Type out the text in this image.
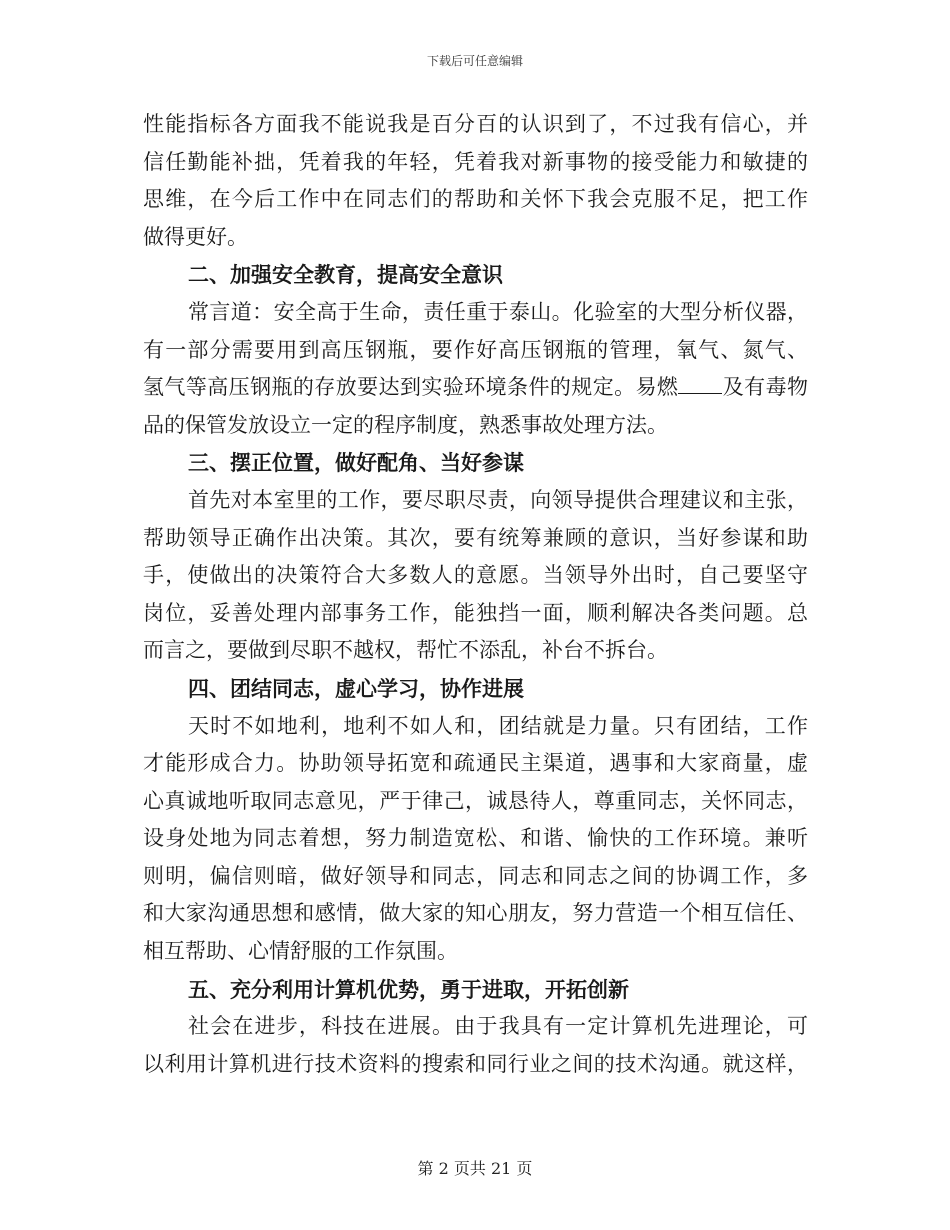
下载后可任意编辑
性能指标各方面我不能说我是百分百的认识到了，不过我有信心，并
信任勤能补拙，凭着我的年轻，凭着我对新事物的接受能力和敏捷的
思维，在今后工作中在同志们的帮助和关怀下我会克服不足，把工作
做得更好。
二、加强安全教育，提高安全意识
常言道：安全高于生命，责任重于泰山。化验室的大型分析仪器，
有一部分需要用到高压钢瓶，要作好高压钢瓶的管理，氧气、氮气、
氢气等高压钢瓶的存放要达到实验环境条件的规定。易燃 及有毒物
品的保管发放设立一定的程序制度，熟悉事故处理方法。
三、摆正位置，做好配角、当好参谋
首先对本室里的工作，要尽职尽责，向领导提供合理建议和主张，
帮助领导正确作出决策。其次，要有统筹兼顾的意识，当好参谋和助
手，使做出的决策符合大多数人的意愿。当领导外出时，自己要坚守
岗位，妥善处理内部事务工作，能独挡一面，顺利解决各类问题。总
而言之，要做到尽职不越权，帮忙不添乱，补台不拆台。
四、团结同志，虚心学习，协作进展
天时不如地利，地利不如人和，团结就是力量。只有团结，工作
才能形成合力。协助领导拓宽和疏通民主渠道，遇事和大家商量，虚
心真诚地听取同志意见，严于律己，诚恳待人，尊重同志，关怀同志，
设身处地为同志着想，努力制造宽松、和谐、愉快的工作环境。兼听
则明，偏信则暗，做好领导和同志，同志和同志之间的协调工作，多
和大家沟通思想和感情，做大家的知心朋友，努力营造一个相互信任、
相互帮助、心情舒服的工作氛围。
五、充分利用计算机优势，勇于进取，开拓创新
社会在进步，科技在进展。由于我具有一定计算机先进理论，可
以利用计算机进行技术资料的搜索和同行业之间的技术沟通。就这样，
第 2 页共 21 页
